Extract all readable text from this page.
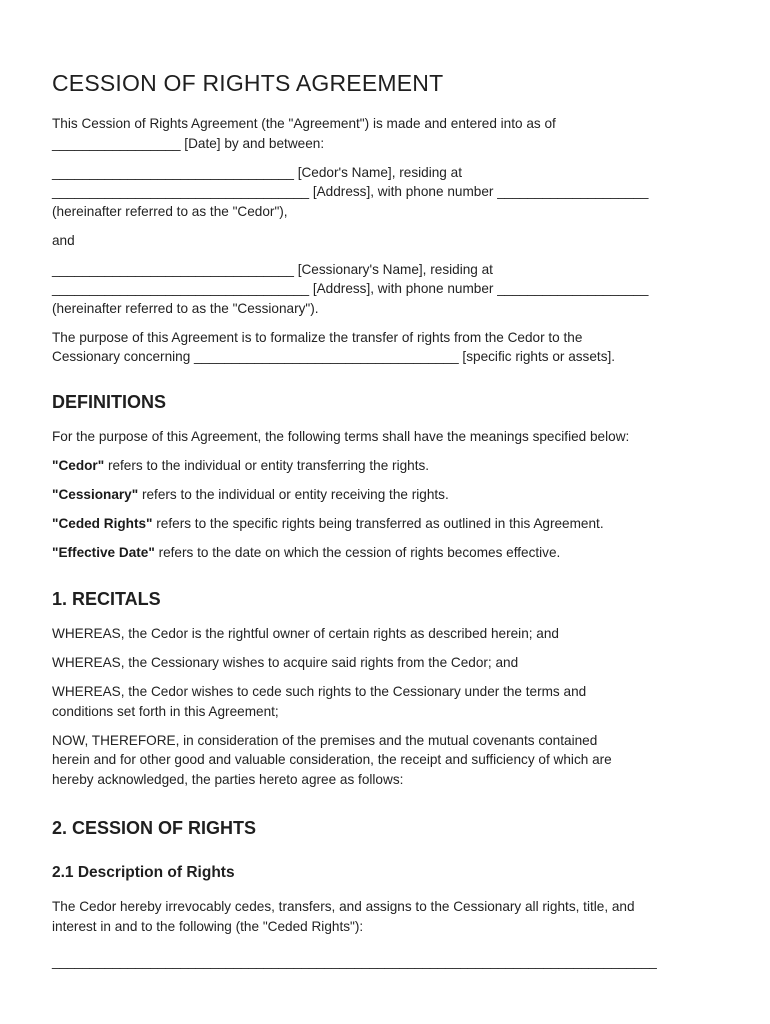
CESSION OF RIGHTS AGREEMENT

This Cession of Rights Agreement (the "Agreement") is made and entered into as of
_________________ [Date] by and between:

________________________________ [Cedor's Name], residing at
__________________________________ [Address], with phone number ____________________
(hereinafter referred to as the "Cedor"),

and

________________________________ [Cessionary's Name], residing at
__________________________________ [Address], with phone number ____________________
(hereinafter referred to as the "Cessionary").

The purpose of this Agreement is to formalize the transfer of rights from the Cedor to the
Cessionary concerning ___________________________________ [specific rights or assets].

DEFINITIONS

For the purpose of this Agreement, the following terms shall have the meanings specified below:

"Cedor" refers to the individual or entity transferring the rights.

"Cessionary" refers to the individual or entity receiving the rights.

"Ceded Rights" refers to the specific rights being transferred as outlined in this Agreement.

"Effective Date" refers to the date on which the cession of rights becomes effective.

1. RECITALS

WHEREAS, the Cedor is the rightful owner of certain rights as described herein; and

WHEREAS, the Cessionary wishes to acquire said rights from the Cedor; and

WHEREAS, the Cedor wishes to cede such rights to the Cessionary under the terms and
conditions set forth in this Agreement;

NOW, THEREFORE, in consideration of the premises and the mutual covenants contained
herein and for other good and valuable consideration, the receipt and sufficiency of which are
hereby acknowledged, the parties hereto agree as follows:

2. CESSION OF RIGHTS
2.1 Description of Rights

The Cedor hereby irrevocably cedes, transfers, and assigns to the Cessionary all rights, title, and
interest in and to the following (the "Ceded Rights"):

________________________________________________________________________________
